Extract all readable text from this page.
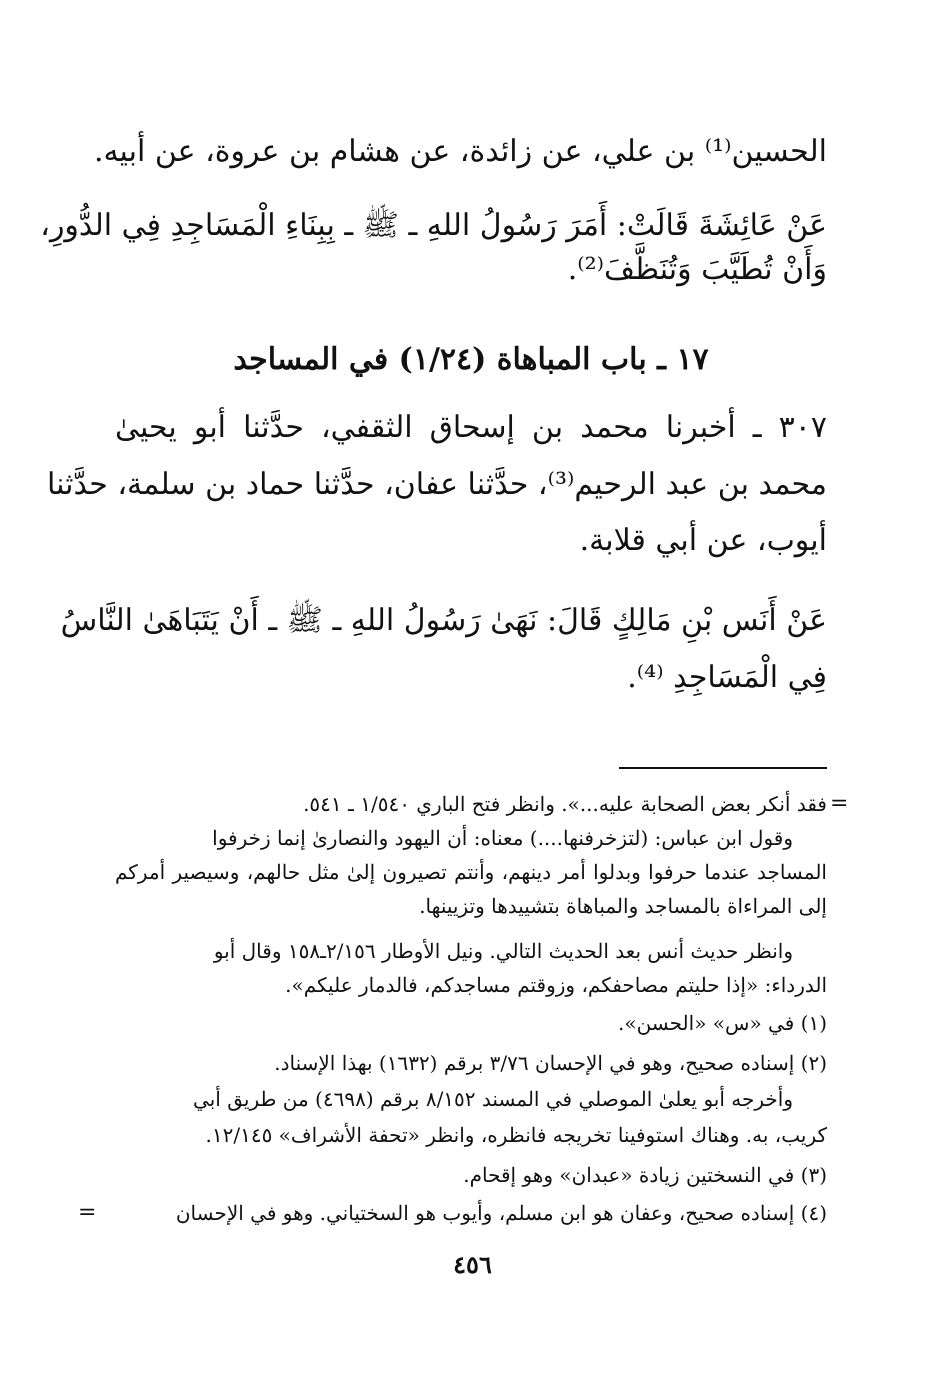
الحسين⁽¹⁾ بن علي، عن زائدة، عن هشام بن عروة، عن أبيه.
عَنْ عَائِشَةَ قَالَتْ: أَمَرَ رَسُولُ اللهِ ـ ﷺ ـ بِبِنَاءِ الْمَسَاجِدِ فِي الدُّورِ،
وَأَنْ تُطَيَّبَ وَتُنَظَّفَ⁽²⁾.
١٧ ـ باب المباهاة (١/٢٤) في المساجد
٣٠٧ ـ أخبرنا محمد بن إسحاق الثقفي، حدَّثنا أبو يحيىٰ
محمد بن عبد الرحيم⁽³⁾، حدَّثنا عفان، حدَّثنا حماد بن سلمة، حدَّثنا
أيوب، عن أبي قلابة.
عَنْ أَنَس بْنِ مَالِكٍ قَالَ: نَهَىٰ رَسُولُ اللهِ ـ ﷺ ـ أَنْ يَتَبَاهَىٰ النَّاسُ
فِي الْمَسَاجِدِ ⁽⁴⁾.
=
فقد أنكر بعض الصحابة عليه...». وانظر فتح الباري ١/٥٤٠ ـ ٥٤١.
وقول ابن عباس: (لتزخرفنها....) معناه: أن اليهود والنصارىٰ إنما زخرفوا
المساجد عندما حرفوا وبدلوا أمر دينهم، وأنتم تصيرون إلىٰ مثل حالهم، وسيصير أمركم
إلى المراءاة بالمساجد والمباهاة بتشييدها وتزيينها.
وانظر حديث أنس بعد الحديث التالي. ونيل الأوطار ٢/١٥٦ـ١٥٨ وقال أبو
الدرداء: «إذا حليتم مصاحفكم، وزوقتم مساجدكم، فالدمار عليكم».
(١) في «س» «الحسن».
(٢) إسناده صحيح، وهو في الإحسان ٣/٧٦ برقم (١٦٣٢) بهذا الإسناد.
وأخرجه أبو يعلىٰ الموصلي في المسند ٨/١٥٢ برقم (٤٦٩٨) من طريق أبي
كريب، به. وهناك استوفينا تخريجه فانظره، وانظر «تحفة الأشراف» ١٢/١٤٥.
(٣) في النسختين زيادة «عبدان» وهو إقحام.
(٤) إسناده صحيح، وعفان هو ابن مسلم، وأيوب هو السختياني. وهو في الإحسان
=
٤٥٦
